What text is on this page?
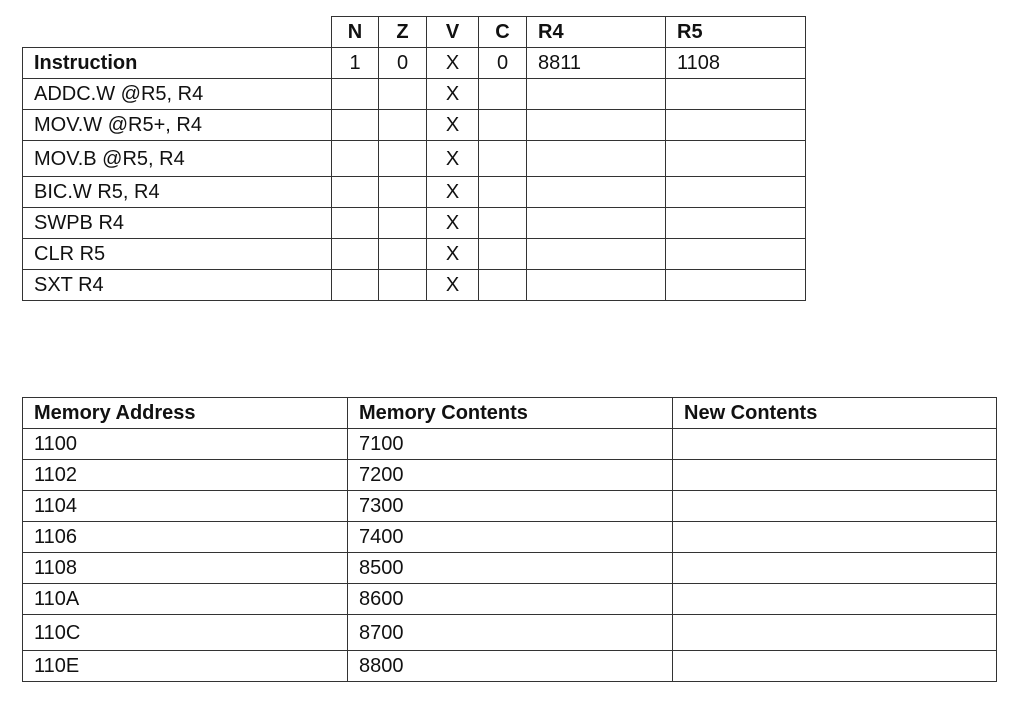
	N	Z	V	C	R4	R5
Instruction	1	0	X	0	8811	1108
ADDC.W @R5, R4			X			
MOV.W @R5+, R4			X			
MOV.B @R5, R4			X			
BIC.W R5, R4			X			
SWPB R4			X			
CLR R5			X			
SXT R4			X			
Memory Address	Memory Contents	New Contents
1100	7100	
1102	7200	
1104	7300	
1106	7400	
1108	8500	
110A	8600	
110C	8700	
110E	8800	
